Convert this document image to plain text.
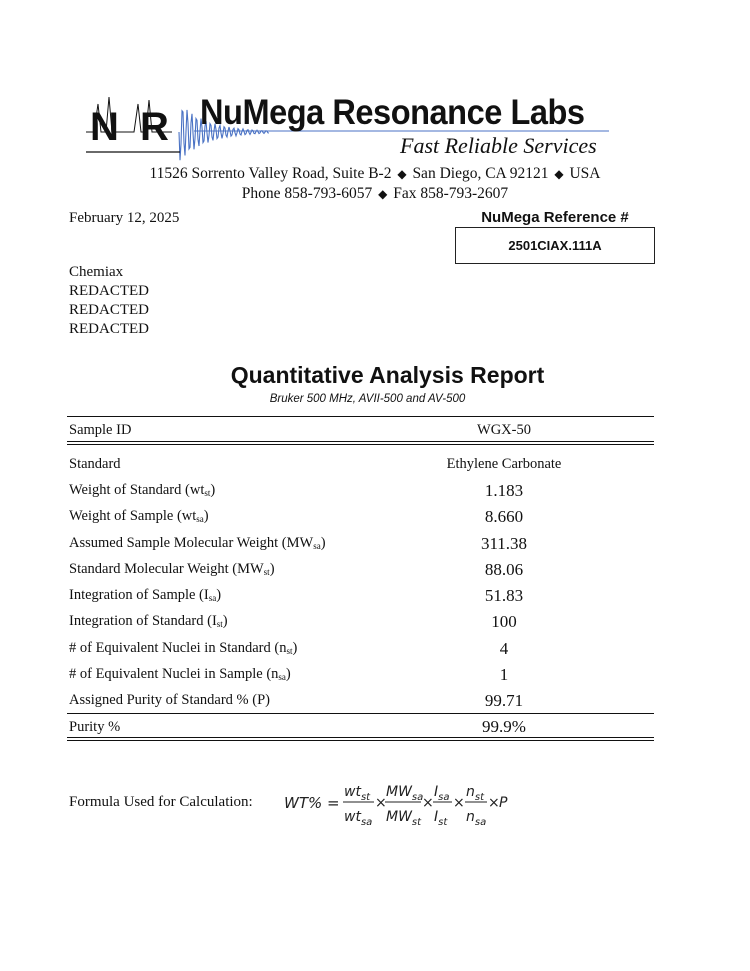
N R NuMega Resonance Labs
Fast Reliable Services
11526 Sorrento Valley Road, Suite B-2 ◆ San Diego, CA 92121 ◆ USA
Phone 858-793-6057 ◆ Fax 858-793-2607
February 12, 2025	NuMega Reference #
2501CIAX.111A
Chemiax
REDACTED
REDACTED
REDACTED
Quantitative Analysis Report
Bruker 500 MHz, AVII-500 and AV-500
Sample ID	WGX-50
Standard	Ethylene Carbonate
Weight of Standard $(wt_{st})$	1.183
Weight of Sample $(wt_{sa})$	8.660
Assumed Sample Molecular Weight $(MW_{sa})$	311.38
Standard Molecular Weight $(MW_{st})$	88.06
Integration of Sample $(I_{sa})$	51.83
Integration of Standard $(I_{st})$	100
# of Equivalent Nuclei in Standard $(n_{st})$	4
# of Equivalent Nuclei in Sample $(n_{sa})$	1
Assigned Purity of Standard % (P)	99.71
Purity %	99.9%
Formula Used for Calculation: WT% =
$wt_{st}$
$wt_{sa}$
×
$MW_{sa}$
$MW_{st}$
×
$I_{sa}$
$I_{st}$
×
$n_{st}$
$n_{sa}$
× P
